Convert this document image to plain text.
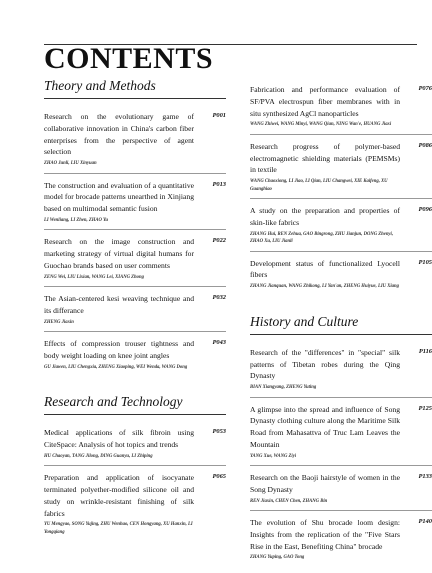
CONTENTS
Theory and Methods
Research on the evolutionary game of collaborative innovation in China's carbon fiber enterprises from the perspective of agent selection
P001
ZHAO Junli, LIU Xinyuan
The construction and evaluation of a quantitative model for brocade patterns unearthed in Xinjiang based on multimodal semantic fusion
P013
LI Wenliang, LI Zhen, ZHAO Yu
Research on the image construction and marketing strategy of virtual digital humans for Guochao brands based on user comments
P022
ZENG Wei, LIU Lixian, WANG Lei, XIANG Zhong
The Asian-centered kesi weaving technique and its differance
P032
ZHENG Jiaxin
Effects of compression trouser tightness and body weight loading on knee joint angles
P043
GU Jiawen, LIU Chengxia, ZHENG Xiaoping, WEI Wenda, WANG Dong
Research and Technology
Medical applications of silk fibroin using CiteSpace: Analysis of hot topics and trends
P053
HU Chaoyan, TANG Jilong, DING Guanyu, LI Zhiping
Preparation and application of isocyanate terminated polyether-modified silicone oil and study on wrinkle-resistant finishing of silk fabrics
P065
YU Mengyao, SONG Yujing, ZHU Wenhao, CEN Hongyang, XU Hanxin, LI Yongqiang
Fabrication and performance evaluation of SF/PVA electrospun fiber membranes with in situ synthesized AgCl nanoparticles
P076
WANG Zhiwei, WANG Minyi, WANG Qian, NING Wan'e, HUANG Jiaxi
Research progress of polymer-based electromagnetic shielding materials (PEMSMs) in textile
P086
WANG Chaoxiong, LI Jiao, LI Qian, LIU Changwei, XIE Kaifeng, XU Guanghiao
A study on the preparation and properties of skin-like fabrics
P096
ZHANG Hui, REN Zehua, GAO Bingrong, ZHU Jianjun, DONG Zhenyi, ZHAO Xu, LIU Jianli
Development status of functionalized Lyocell fibers
P105
ZHANG Jianquan, WANG Zhikong, LI Yan'an, ZHENG Huiyue, LIU Xiang
History and Culture
Research of the "differences" in "special" silk patterns of Tibetan robes during the Qing Dynasty
P116
BIAN Xiangyang, ZHENG Yuting
A glimpse into the spread and influence of Song Dynasty clothing culture along the Maritime Silk Road from Mahasattva of Truc Lam Leaves the Mountain
P125
YANG Xue, WANG Ziyi
Research on the Baoji hairstyle of women in the Song Dynasty
P133
REN Jiaxin, CHEN Chen, ZHANG Bin
The evolution of Shu brocade loom design: Insights from the replication of the "Five Stars Rise in the East, Benefiting China" brocade
P140
ZHANG Yuping, GAO Tong
